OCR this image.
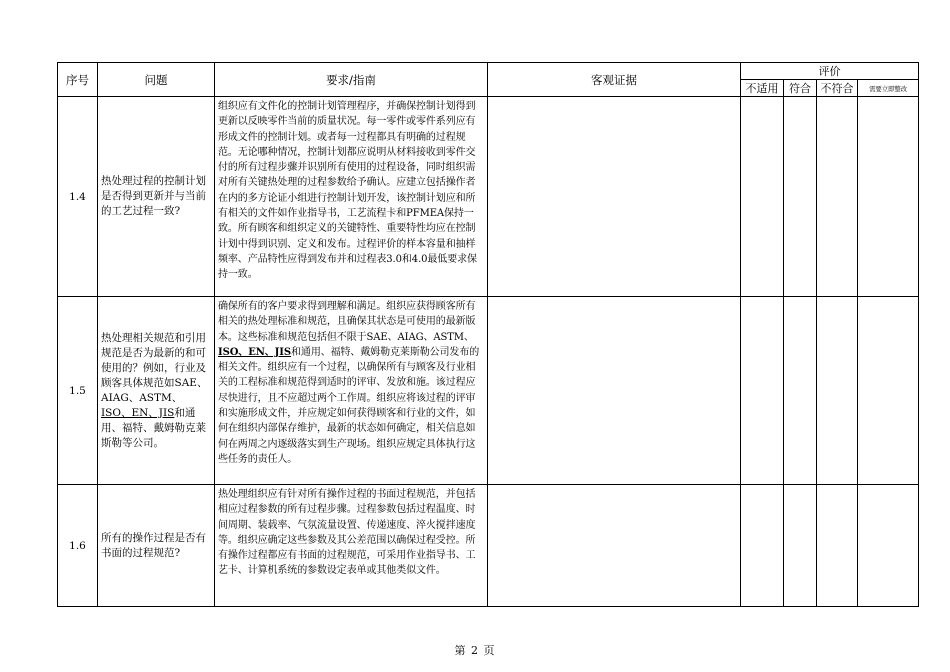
序号	问题	要求/指南	客观证据	评价			
				不适用	符合	不符合	需要立即整改
1.4	热处理过程的控制计划是否得到更新并与当前的工艺过程一致?	组织应有文件化的控制计划管理程序，并确保控制计划得到更新以反映零件当前的质量状况。每一零件或零件系列应有形成文件的控制计划。或者每一过程都具有明确的过程规范。无论哪种情况，控制计划都应说明从材料接收到零件交付的所有过程步骤并识别所有使用的过程设备，同时组织需对所有关键热处理的过程参数给予确认。应建立包括操作者在内的多方论证小组进行控制计划开发，该控制计划应和所有相关的文件如作业指导书，工艺流程卡和PFMEA保持一致。所有顾客和组织定义的关键特性、重要特性均应在控制计划中得到识别、定义和发布。过程评价的样本容量和抽样频率、产品特性应得到发布并和过程表3.0和4.0最低要求保持一致。					
1.5	热处理相关规范和引用规范是否为最新的和可使用的？例如，行业及顾客具体规范如SAE、AIAG、ASTM、ISO、EN、JIS和通用、福特、戴姆勒克莱斯勒等公司。	确保所有的客户要求得到理解和满足。组织应获得顾客所有相关的热处理标准和规范，且确保其状态是可使用的最新版本。这些标准和规范包括但不限于SAE、AIAG、ASTM、ISO、EN、JIS和通用、福特、戴姆勒克莱斯勒公司发布的相关文件。组织应有一个过程，以确保所有与顾客及行业相关的工程标准和规范得到适时的评审、发放和施。该过程应尽快进行，且不应超过两个工作周。组织应将该过程的评审和实施形成文件，并应规定如何获得顾客和行业的文件，如何在组织内部保存维护，最新的状态如何确定，相关信息如何在两周之内逐级落实到生产现场。组织应规定具体执行这些任务的责任人。					
1.6	所有的操作过程是否有书面的过程规范?	热处理组织应有针对所有操作过程的书面过程规范，并包括相应过程参数的所有过程步骤。过程参数包括过程温度、时间周期、装载率、气氛流量设置、传递速度、淬火搅拌速度等。组织应确定这些参数及其公差范围以确保过程受控。所有操作过程都应有书面的过程规范，可采用作业指导书、工艺卡、计算机系统的参数设定表单或其他类似文件。					
第 2 页
